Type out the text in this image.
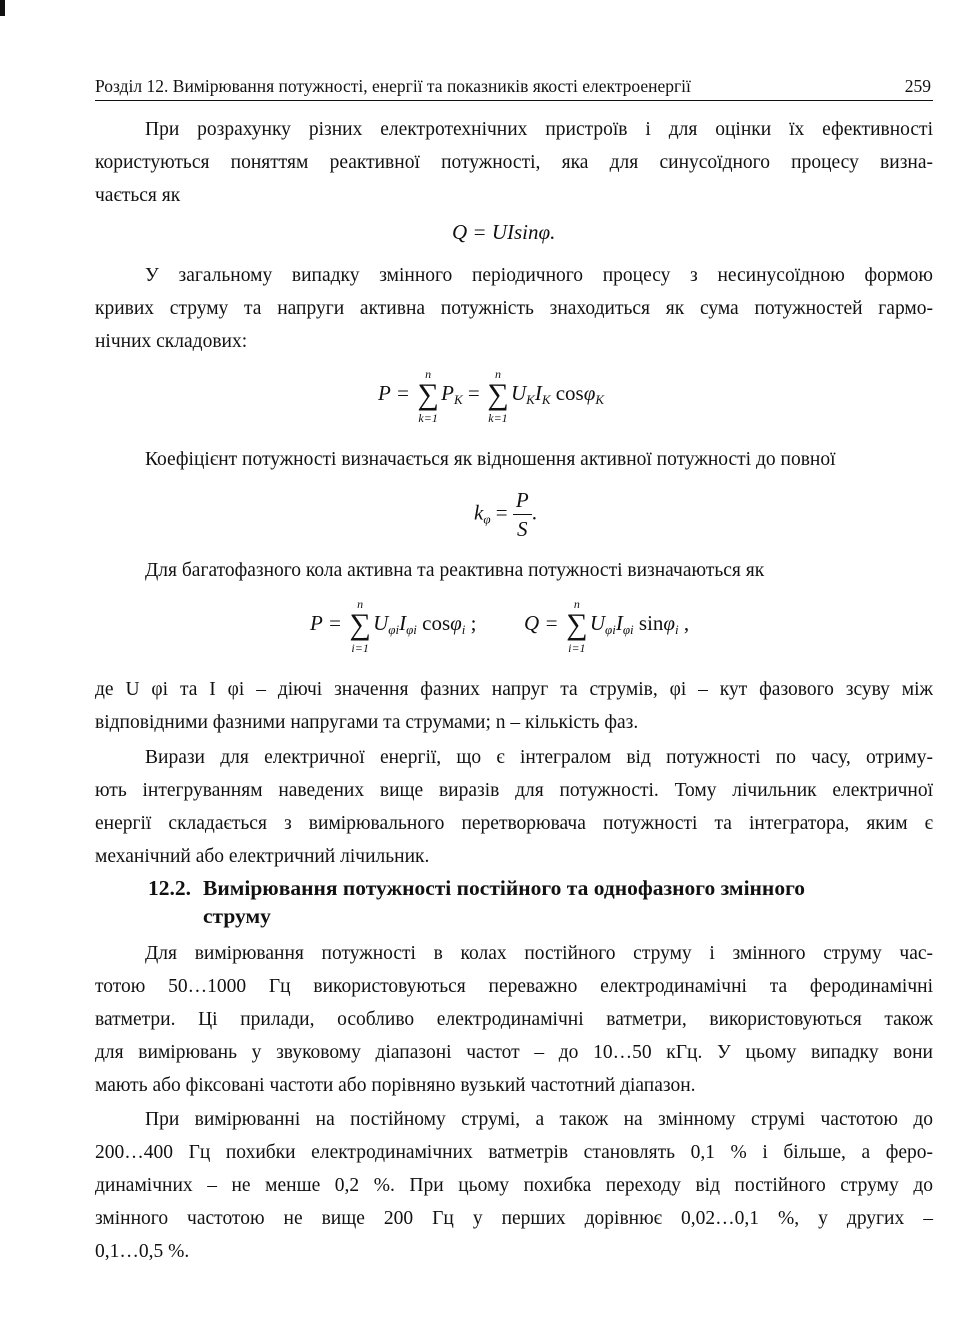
Розділ 12. Вимірювання потужності, енергії та показників якості електроенергії	259

При розрахунку різних електротехнічних пристроїв і для оцінки їх ефективності
користуються поняттям реактивної потужності, яка для синусоїдного процесу визна-
чається як

Q = UIsinφ.

У загальному випадку змінного періодичного процесу з несинусоїдною формою
кривих струму та напруги активна потужність знаходиться як сума потужностей гармо-
нічних складових:

P =
n
∑
k=1
$P_K$ =
n
∑
k=1
$U_KI_K$ cosφ$_K$

Коефіцієнт потужності визначається як відношення активної потужності до повної

$k_\varphi = \frac{P}{S}$ .

Для багатофазного кола активна та реактивна потужності визначаються як

P =
n
∑
i=1
$U_{\varphi i}I_{\varphi i}$ cosφ$_i$ ; Q =
n
∑
i=1
$U_{\varphi i}I_{\varphi i}$ sinφ$_i$ ,

де U φi та I φi – діючі значення фазних напруг та струмів, φi – кут фазового зсуву між
відповідними фазними напругами та струмами; n – кількість фаз.

Вирази для електричної енергії, що є інтегралом від потужності по часу, отриму-
ють інтегруванням наведених вище виразів для потужності. Тому лічильник електричної
енергії складається з вимірювального перетворювача потужності та інтегратора, яким є
механічний або електричний лічильник.

12.2. Вимірювання потужності постійного та однофазного змінного
струму

Для вимірювання потужності в колах постійного струму і змінного струму час-
тотою 50…1000 Гц використовуються переважно електродинамічні та феродинамічні
ватметри. Ці прилади, особливо електродинамічні ватметри, використовуються також
для вимірювань у звуковому діапазоні частот – до 10…50 кГц. У цьому випадку вони
мають або фіксовані частоти або порівняно вузький частотний діапазон.

При вимірюванні на постійному струмі, а також на змінному струмі частотою до
200…400 Гц похибки електродинамічних ватметрів становлять 0,1 % і більше, а феро-
динамічних – не менше 0,2 %. При цьому похибка переходу від постійного струму до
змінного частотою не вище 200 Гц у перших дорівнює 0,02…0,1 %, у других –
0,1…0,5 %.
